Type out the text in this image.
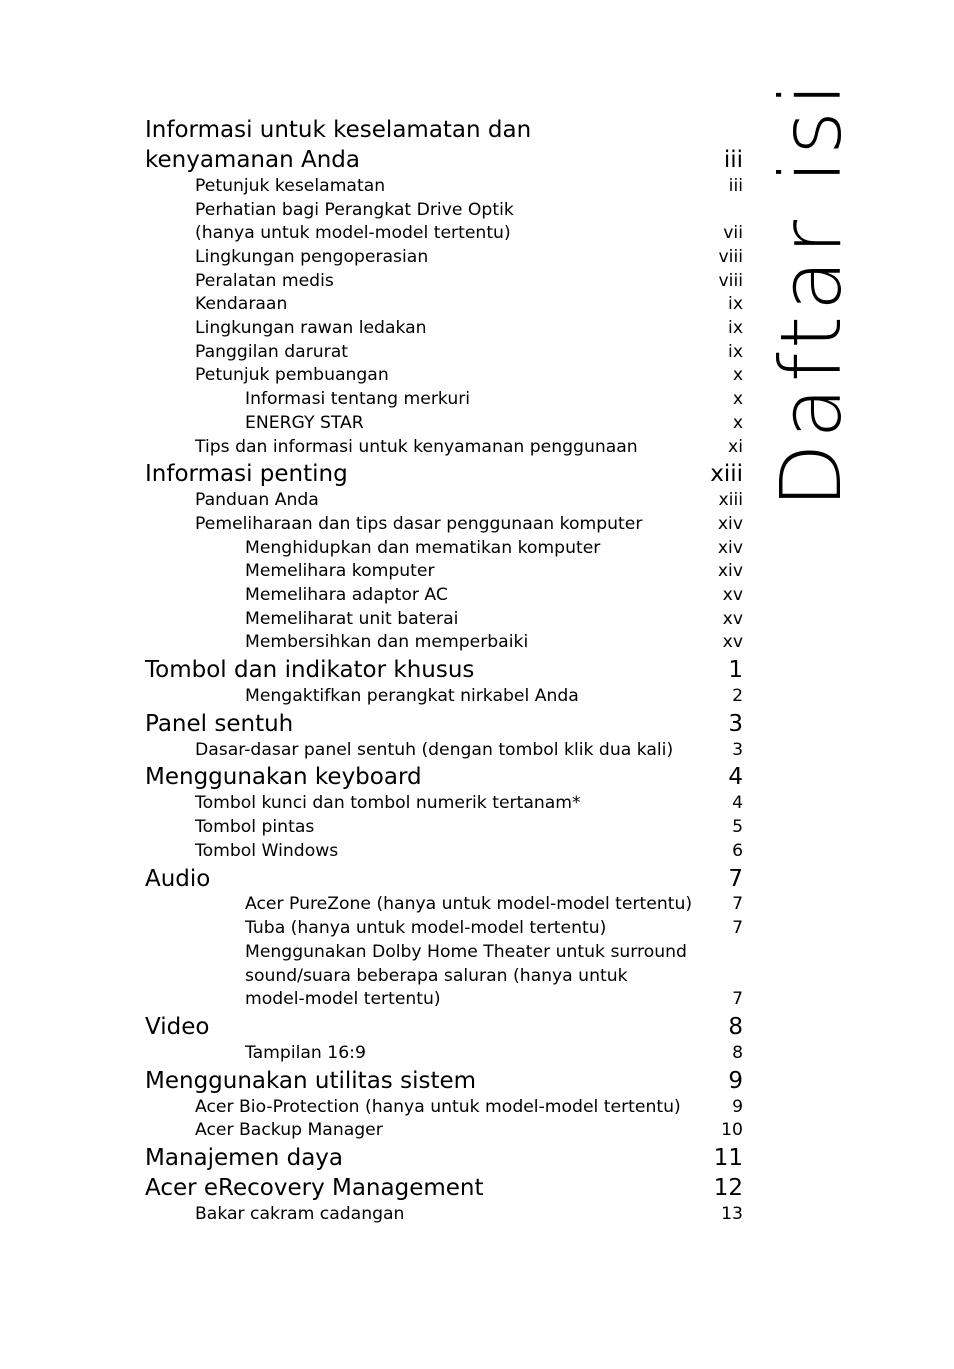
Daftar isi
Informasi untuk keselamatan dan
kenyamanan Anda	iii
Petunjuk keselamatan	iii
Perhatian bagi Perangkat Drive Optik
(hanya untuk model-model tertentu)	vii
Lingkungan pengoperasian	viii
Peralatan medis	viii
Kendaraan	ix
Lingkungan rawan ledakan	ix
Panggilan darurat	ix
Petunjuk pembuangan	x
Informasi tentang merkuri	x
ENERGY STAR	x
Tips dan informasi untuk kenyamanan penggunaan	xi
Informasi penting	xiii
Panduan Anda	xiii
Pemeliharaan dan tips dasar penggunaan komputer	xiv
Menghidupkan dan mematikan komputer	xiv
Memelihara komputer	xiv
Memelihara adaptor AC	xv
Memeliharat unit baterai	xv
Membersihkan dan memperbaiki	xv
Tombol dan indikator khusus	1
Mengaktifkan perangkat nirkabel Anda	2
Panel sentuh	3
Dasar-dasar panel sentuh (dengan tombol klik dua kali)	3
Menggunakan keyboard	4
Tombol kunci dan tombol numerik tertanam*	4
Tombol pintas	5
Tombol Windows	6
Audio	7
Acer PureZone (hanya untuk model-model tertentu) 7
Tuba (hanya untuk model-model tertentu)	7
Menggunakan Dolby Home Theater untuk surround
sound/suara beberapa saluran (hanya untuk
model-model tertentu)	7
Video	8
Tampilan 16:9	8
Menggunakan utilitas sistem	9
Acer Bio-Protection (hanya untuk model-model tertentu)	9
Acer Backup Manager	10
Manajemen daya	11
Acer eRecovery Management	12
Bakar cakram cadangan	13
